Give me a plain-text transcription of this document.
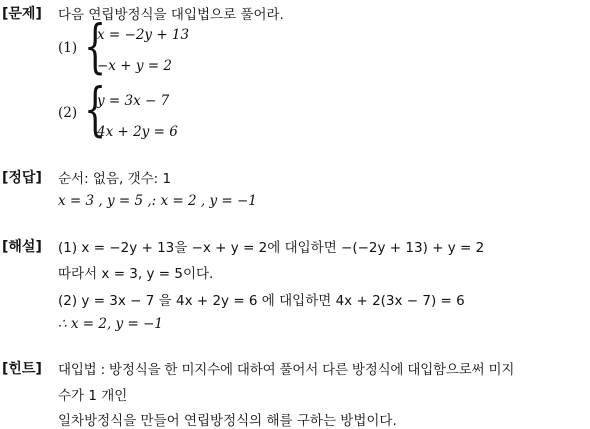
[문제] 다음 연립방정식을 대입법으로 풀어라.
(1) {
x = −2y + 13
−x + y = 2
(2) {
y = 3x − 7
4x + 2y = 6
[정답] 순서: 없음, 갯수: 1
x = 3 , y = 5 ,: x = 2 , y = −1
[해설] (1) x = −2y + 13을 −x + y = 2에 대입하면 −(−2y + 13) + y = 2
따라서 x = 3, y = 5이다.
(2) y = 3x − 7 을 4x + 2y = 6 에 대입하면 4x + 2(3x − 7) = 6
∴ x = 2, y = −1
[힌트] 대입법 : 방정식을 한 미지수에 대하여 풀어서 다른 방정식에 대입함으로써 미지
수가 1 개인
일차방정식을 만들어 연립방정식의 해를 구하는 방법이다.
